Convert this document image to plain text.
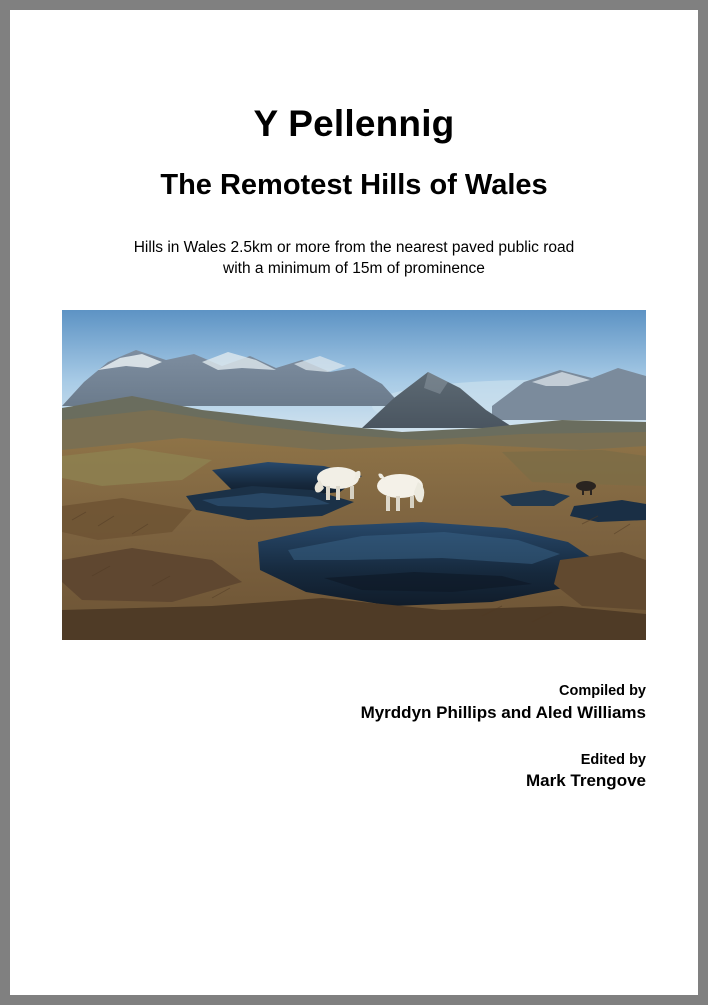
Y Pellennig
The Remotest Hills of Wales

Hills in Wales 2.5km or more from the nearest paved public road
with a minimum of 15m of prominence

Compiled by
Myrddyn Phillips and Aled Williams
Edited by
Mark Trengove
